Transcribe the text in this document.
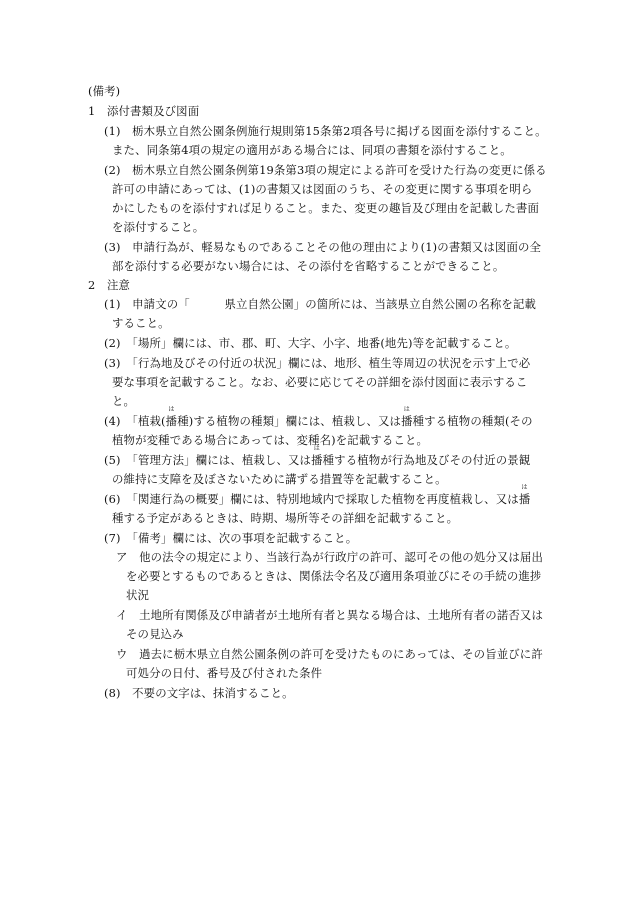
(備考)
1　添付書類及び図面
(1)　栃木県立自然公園条例施行規則第15条第2項各号に掲げる図面を添付すること。
また、同条第4項の規定の適用がある場合には、同項の書類を添付すること。
(2)　栃木県立自然公園条例第19条第3項の規定による許可を受けた行為の変更に係る
許可の申請にあっては、(1)の書類又は図面のうち、その変更に関する事項を明ら
かにしたものを添付すれば足りること。また、変更の趣旨及び理由を記載した書面
を添付すること。
(3)　申請行為が、軽易なものであることその他の理由により(1)の書類又は図面の全
部を添付する必要がない場合には、その添付を省略することができること。
2　注意
(1)　申請文の「　　　県立自然公園」の箇所には、当該県立自然公園の名称を記載
すること。
(2)　「場所」欄には、市、郡、町、大字、小字、地番(地先)等を記載すること。
(3)　「行為地及びその付近の状況」欄には、地形、植生等周辺の状況を示す上で必
要な事項を記載すること。なお、必要に応じてその詳細を添付図面に表示するこ
と。
(4)　「植栽(
は
播種)する植物の種類」欄には、植栽し、又は
は
播種する植物の種類(その
植物が変種である場合にあっては、変種名)を記載すること。
(5)　「管理方法」欄には、植栽し、又は
は
播種する植物が行為地及びその付近の景観
の維持に支障を及ぼさないために講ずる措置等を記載すること。
(6)　「関連行為の概要」欄には、特別地域内で採取した植物を再度植栽し、又は
は
播
種する予定があるときは、時期、場所等その詳細を記載すること。
(7)　「備考」欄には、次の事項を記載すること。
ア　他の法令の規定により、当該行為が行政庁の許可、認可その他の処分又は届出
を必要とするものであるときは、関係法令名及び適用条項並びにその手続の進捗
状況
イ　土地所有関係及び申請者が土地所有者と異なる場合は、土地所有者の諾否又は
その見込み
ウ　過去に栃木県立自然公園条例の許可を受けたものにあっては、その旨並びに許
可処分の日付、番号及び付された条件
(8)　不要の文字は、抹消すること。
